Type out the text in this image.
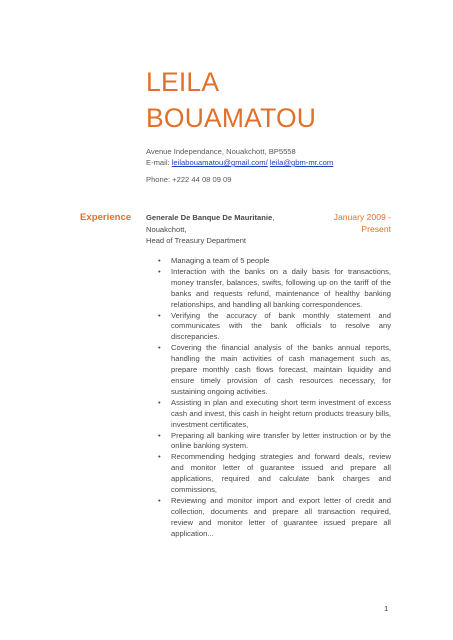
LEILA
BOUAMATOU
Avenue Independance, Nouakchott, BP5558
E-mail: leilabouamatou@gmail.com/ leila@gbm-mr.com
Phone: +222 44 08 09 09
Experience Generale De Banque De Mauritanie,
Nouakchott,
Head of Treasury Department
January 2009 -
Present
• Managing a team of 5 people
• Interaction with the banks on a daily basis for transactions, money transfer, balances, swifts, following up on the tariff of the banks and requests refund, maintenance of healthy banking relationships, and handling all banking correspondences.
• Verifying the accuracy of bank monthly statement and communicates with the bank officials to resolve any discrepancies.
• Covering the financial analysis of the banks annual reports, handling the main activities of cash management such as, prepare monthly cash flows forecast, maintain liquidity and ensure timely provision of cash resources necessary, for sustaining ongoing activities.
• Assisting in plan and executing short term investment of excess cash and invest, this cash in height return products treasury bills, investment certificates,
• Preparing all banking wire transfer by letter instruction or by the online banking system.
• Recommending hedging strategies and forward deals, review and monitor letter of guarantee issued and prepare all applications, required and calculate bank charges and commissions,
• Reviewing and monitor import and export letter of credit and collection, documents and prepare all transaction required, review and monitor letter of guarantee issued prepare all application...
1
